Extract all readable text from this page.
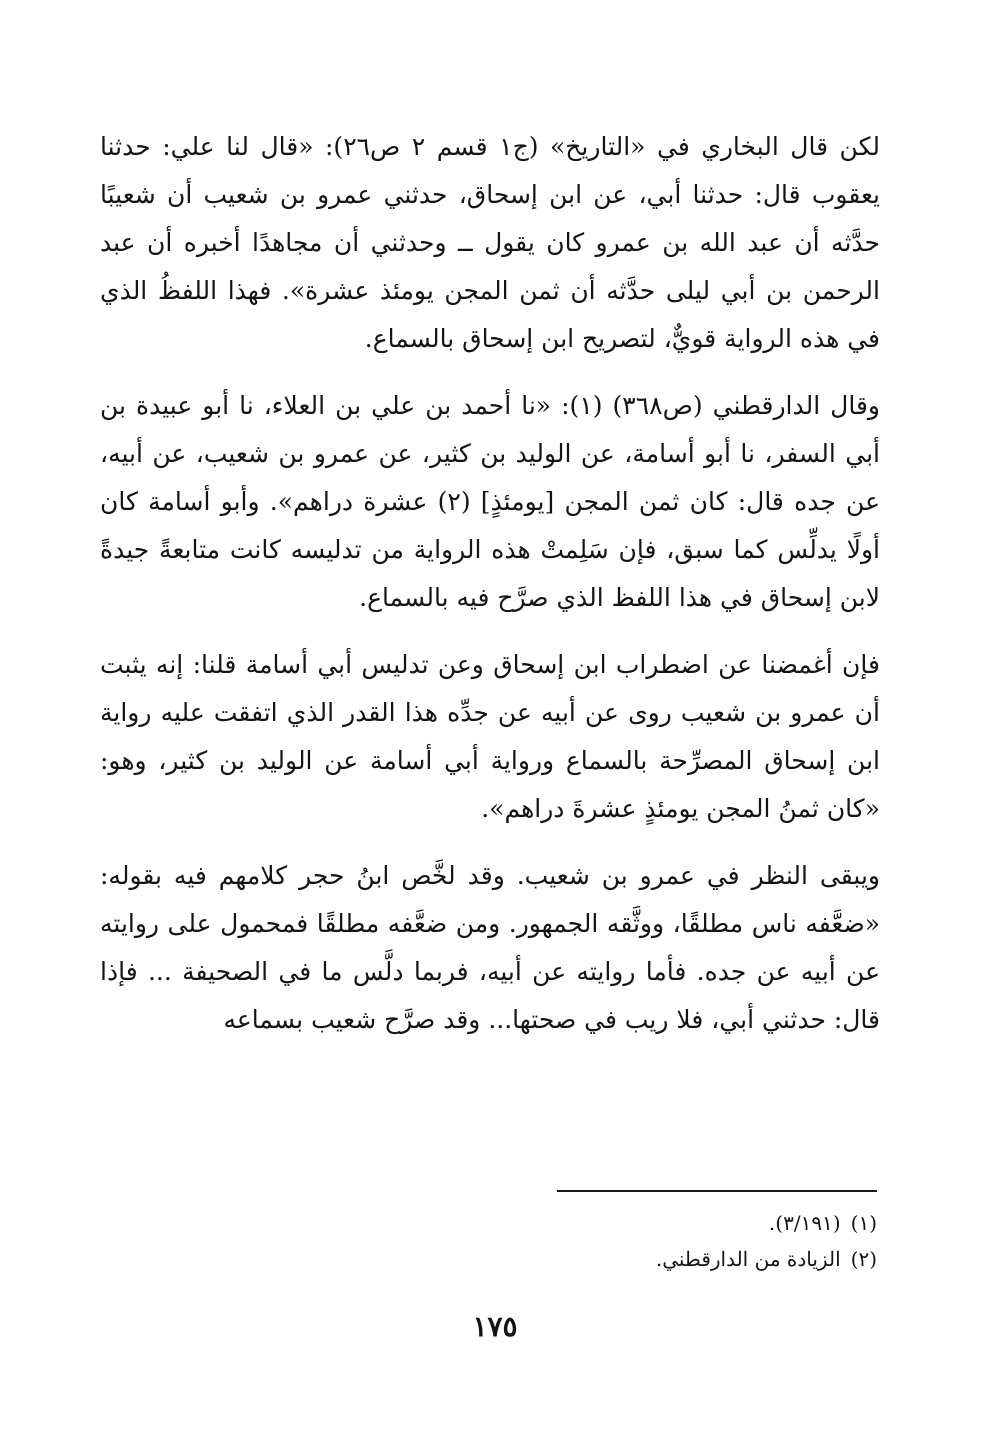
لكن قال البخاري في «التاريخ» (ج١ قسم ٢ ص٢٦): «قال لنا علي: حدثنا يعقوب قال: حدثنا أبي، عن ابن إسحاق، حدثني عمرو بن شعيب أن شعيبًا حدَّثه أن عبد الله بن عمرو كان يقول ــ وحدثني أن مجاهدًا أخبره أن عبد الرحمن بن أبي ليلى حدَّثه أن ثمن المجن يومئذ عشرة». فهذا اللفظُ الذي في هذه الرواية قويٌّ، لتصريح ابن إسحاق بالسماع.

وقال الدارقطني (ص٣٦٨) (١): «نا أحمد بن علي بن العلاء، نا أبو عبيدة بن أبي السفر، نا أبو أسامة، عن الوليد بن كثير، عن عمرو بن شعيب، عن أبيه، عن جده قال: كان ثمن المجن [يومئذٍ] (٢) عشرة دراهم». وأبو أسامة كان أولًا يدلِّس كما سبق، فإن سَلِمتْ هذه الرواية من تدليسه كانت متابعةً جيدةً لابن إسحاق في هذا اللفظ الذي صرَّح فيه بالسماع.

فإن أغمضنا عن اضطراب ابن إسحاق وعن تدليس أبي أسامة قلنا: إنه يثبت أن عمرو بن شعيب روى عن أبيه عن جدِّه هذا القدر الذي اتفقت عليه رواية ابن إسحاق المصرِّحة بالسماع ورواية أبي أسامة عن الوليد بن كثير، وهو: «كان ثمنُ المجن يومئذٍ عشرةَ دراهم».

ويبقى النظر في عمرو بن شعيب. وقد لخَّص ابنُ حجر كلامهم فيه بقوله: «ضعَّفه ناس مطلقًا، ووثَّقه الجمهور. ومن ضعَّفه مطلقًا فمحمول على روايته عن أبيه عن جده. فأما روايته عن أبيه، فربما دلَّس ما في الصحيفة ... فإذا قال: حدثني أبي، فلا ريب في صحتها... وقد صرَّح شعيب بسماعه

(١)(٣/١٩١).

(٢)الزيادة من الدارقطني.

١٧٥
